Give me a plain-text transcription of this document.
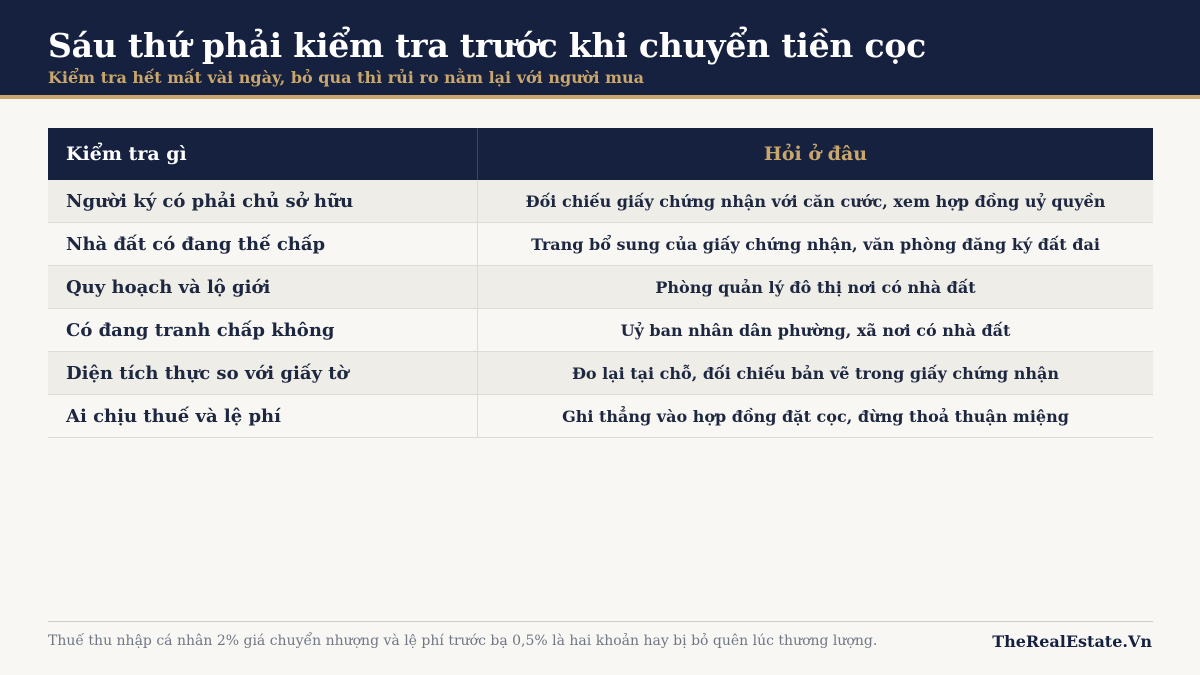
Sáu thứ phải kiểm tra trước khi chuyển tiền cọc
Kiểm tra hết mất vài ngày, bỏ qua thì rủi ro nằm lại với người mua
Kiểm tra gì	Hỏi ở đâu
Người ký có phải chủ sở hữu	Đối chiếu giấy chứng nhận với căn cước, xem hợp đồng uỷ quyền
Nhà đất có đang thế chấp	Trang bổ sung của giấy chứng nhận, văn phòng đăng ký đất đai
Quy hoạch và lộ giới	Phòng quản lý đô thị nơi có nhà đất
Có đang tranh chấp không	Uỷ ban nhân dân phường, xã nơi có nhà đất
Diện tích thực so với giấy tờ	Đo lại tại chỗ, đối chiếu bản vẽ trong giấy chứng nhận
Ai chịu thuế và lệ phí	Ghi thẳng vào hợp đồng đặt cọc, đừng thoả thuận miệng
Thuế thu nhập cá nhân 2% giá chuyển nhượng và lệ phí trước bạ 0,5% là hai khoản hay bị bỏ quên lúc thương lượng.	TheRealEstate.Vn
